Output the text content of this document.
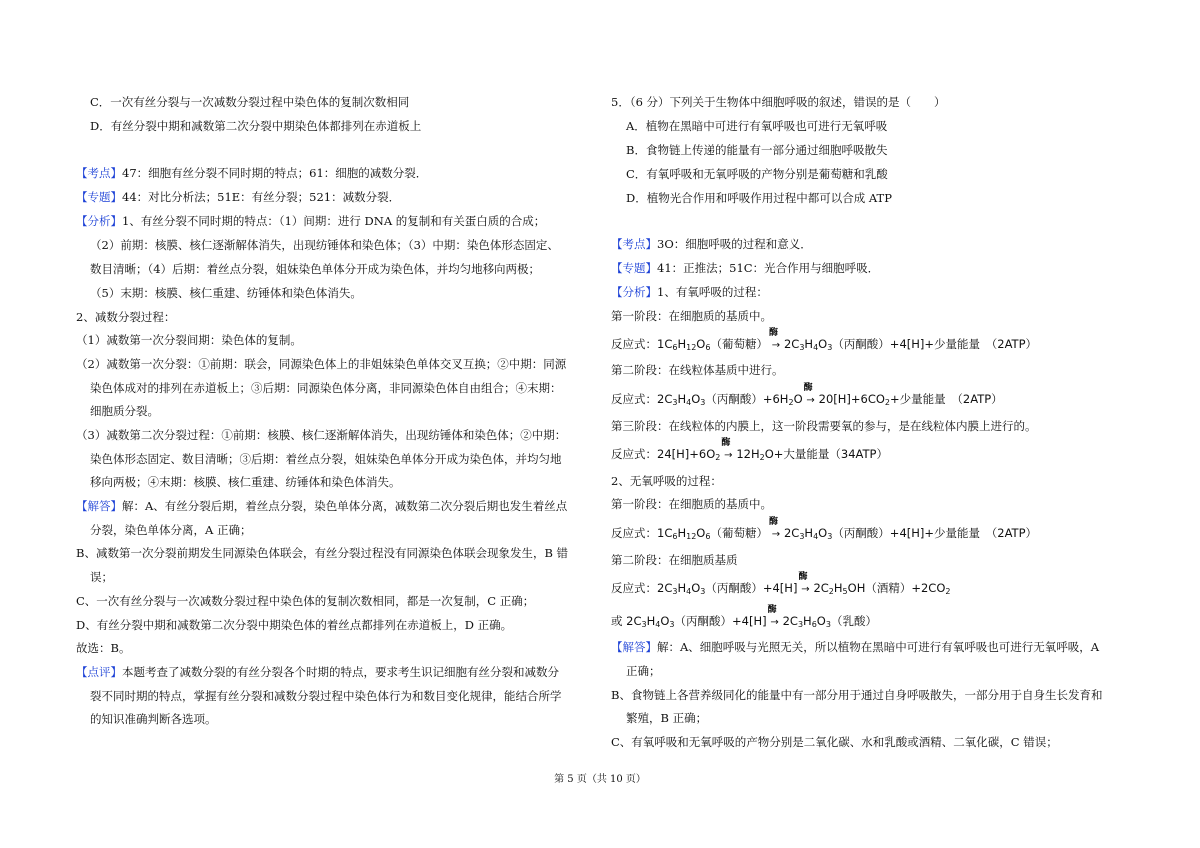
C．一次有丝分裂与一次减数分裂过程中染色体的复制次数相同
D．有丝分裂中期和减数第二次分裂中期染色体都排列在赤道板上
【考点】47：细胞有丝分裂不同时期的特点；61：细胞的减数分裂．
【专题】44：对比分析法；51E：有丝分裂；521：减数分裂．
【分析】1、有丝分裂不同时期的特点：（1）间期：进行 DNA 的复制和有关蛋白质的合成；
（2）前期：核膜、核仁逐渐解体消失，出现纺锤体和染色体；（3）中期：染色体形态固定、
数目清晰；（4）后期：着丝点分裂，姐妹染色单体分开成为染色体，并均匀地移向两极；
（5）末期：核膜、核仁重建、纺锤体和染色体消失。
2、减数分裂过程：
（1）减数第一次分裂间期：染色体的复制。
（2）减数第一次分裂：①前期：联会，同源染色体上的非姐妹染色单体交叉互换；②中期：同源
染色体成对的排列在赤道板上；③后期：同源染色体分离，非同源染色体自由组合；④末期：
细胞质分裂。
（3）减数第二次分裂过程：①前期：核膜、核仁逐渐解体消失，出现纺锤体和染色体；②中期：
染色体形态固定、数目清晰；③后期：着丝点分裂，姐妹染色单体分开成为染色体，并均匀地
移向两极；④末期：核膜、核仁重建、纺锤体和染色体消失。
【解答】解：A、有丝分裂后期，着丝点分裂，染色单体分离，减数第二次分裂后期也发生着丝点
分裂，染色单体分离，A 正确；
B、减数第一次分裂前期发生同源染色体联会，有丝分裂过程没有同源染色体联会现象发生，B 错
误；
C、一次有丝分裂与一次减数分裂过程中染色体的复制次数相同，都是一次复制，C 正确；
D、有丝分裂中期和减数第二次分裂中期染色体的着丝点都排列在赤道板上，D 正确。
故选：B。
【点评】本题考查了减数分裂的有丝分裂各个时期的特点，要求考生识记细胞有丝分裂和减数分
裂不同时期的特点，掌握有丝分裂和减数分裂过程中染色体行为和数目变化规律，能结合所学
的知识准确判断各选项。
5．（6 分）下列关于生物体中细胞呼吸的叙述，错误的是（　　）
A．植物在黑暗中可进行有氧呼吸也可进行无氧呼吸
B．食物链上传递的能量有一部分通过细胞呼吸散失
C．有氧呼吸和无氧呼吸的产物分别是葡萄糖和乳酸
D．植物光合作用和呼吸作用过程中都可以合成 ATP
【考点】3O：细胞呼吸的过程和意义．
【专题】41：正推法；51C：光合作用与细胞呼吸．
【分析】1、有氧呼吸的过程：
第一阶段：在细胞质的基质中。
反应式：$1C_6H_{12}O_6$（葡萄糖）
酶
→ $2C_3H_4O_3$（丙酮酸）+4[H]+少量能量　（2ATP）
第二阶段：在线粒体基质中进行。
反应式：$2C_3H_4O_3$（丙酮酸）$+6H_2O$
酶
→ $20[H]+6CO_2+$少量能量　（2ATP）
第三阶段：在线粒体的内膜上，这一阶段需要氧的参与，是在线粒体内膜上进行的。
反应式：$24[H]+6O_2$
酶
→ $12H_2O+$大量能量（34ATP）
2、无氧呼吸的过程：
第一阶段：在细胞质的基质中。
反应式：$1C_6H_{12}O_6$（葡萄糖）
酶
→ $2C_3H_4O_3$（丙酮酸）+4[H]+少量能量　（2ATP）
第二阶段：在细胞质基质
反应式：$2C_3H_4O_3$（丙酮酸）+4[H]
酶
→ $2C_2H_5OH$（酒精）$+2CO_2$
或 $2C_3H_4O_3$（丙酮酸）+4[H]
酶
→ $2C_3H_6O_3$（乳酸）
【解答】解：A、细胞呼吸与光照无关，所以植物在黑暗中可进行有氧呼吸也可进行无氧呼吸，A
正确；
B、食物链上各营养级同化的能量中有一部分用于通过自身呼吸散失，一部分用于自身生长发育和
繁殖，B 正确；
C、有氧呼吸和无氧呼吸的产物分别是二氧化碳、水和乳酸或酒精、二氧化碳，C 错误；
第 5 页（共 10 页）
